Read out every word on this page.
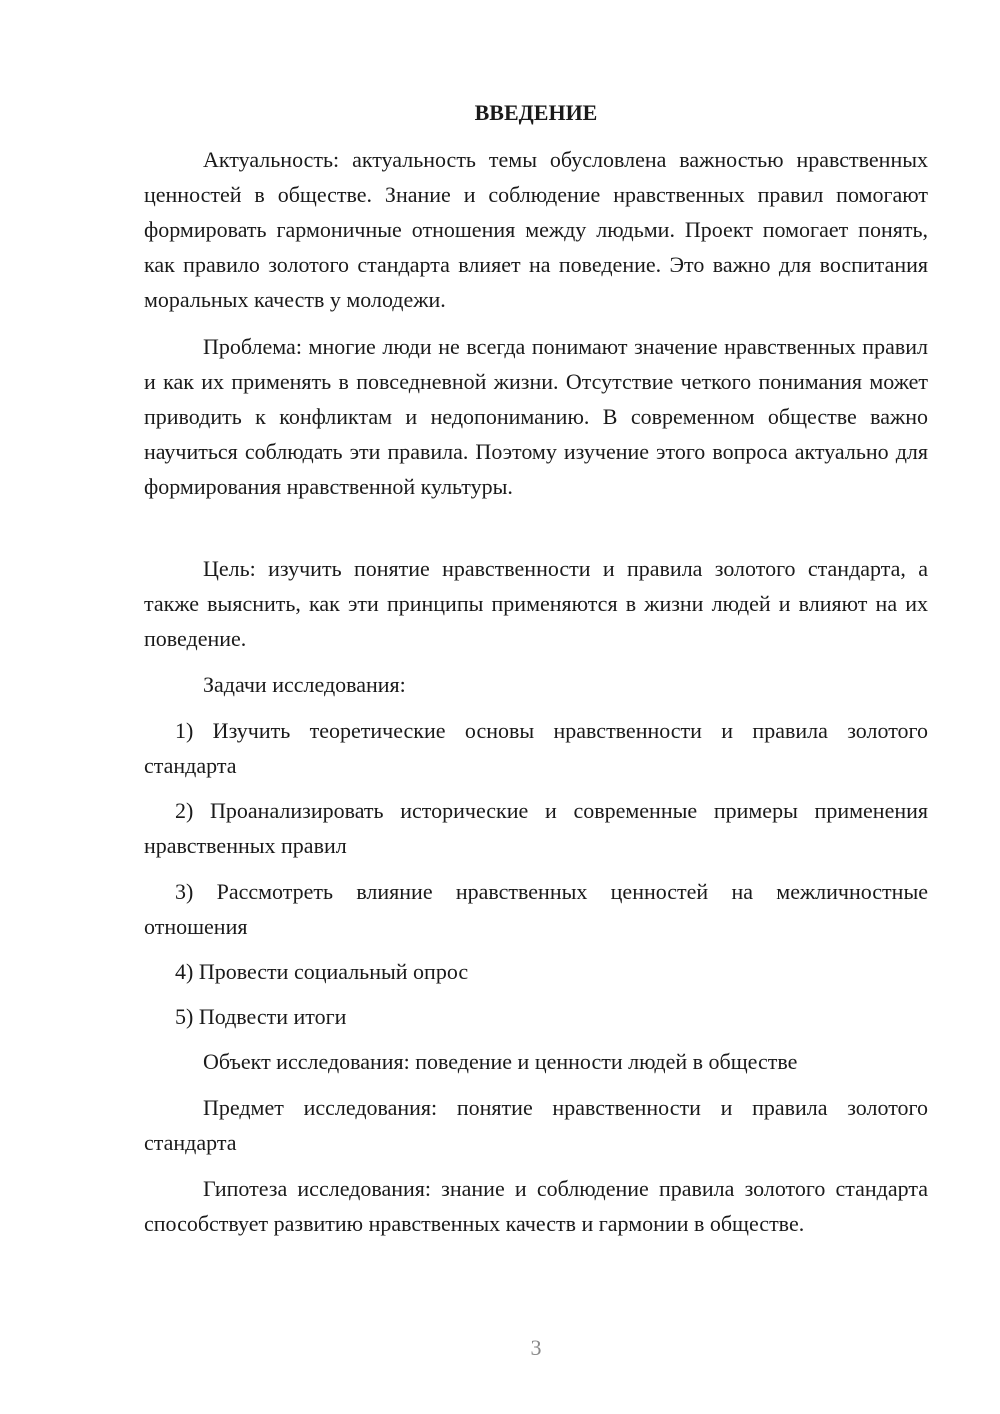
ВВЕДЕНИЕ

Актуальность: актуальность темы обусловлена важностью нравственных ценностей в обществе. Знание и соблюдение нравственных правил помогают формировать гармоничные отношения между людьми. Проект помогает понять, как правило золотого стандарта влияет на поведение. Это важно для воспитания моральных качеств у молодежи.

Проблема: многие люди не всегда понимают значение нравственных правил и как их применять в повседневной жизни. Отсутствие четкого понимания может приводить к конфликтам и недопониманию. В современном обществе важно научиться соблюдать эти правила. Поэтому изучение этого вопроса актуально для формирования нравственной культуры.

Цель: изучить понятие нравственности и правила золотого стандарта, а также выяснить, как эти принципы применяются в жизни людей и влияют на их поведение.

Задачи исследования:

1) Изучить теоретические основы нравственности и правила золотого стандарта

2) Проанализировать исторические и современные примеры применения нравственных правил

3) Рассмотреть влияние нравственных ценностей на межличностные отношения

4) Провести социальный опрос

5) Подвести итоги

Объект исследования: поведение и ценности людей в обществе

Предмет исследования: понятие нравственности и правила золотого стандарта

Гипотеза исследования: знание и соблюдение правила золотого стандарта способствует развитию нравственных качеств и гармонии в обществе.

3
